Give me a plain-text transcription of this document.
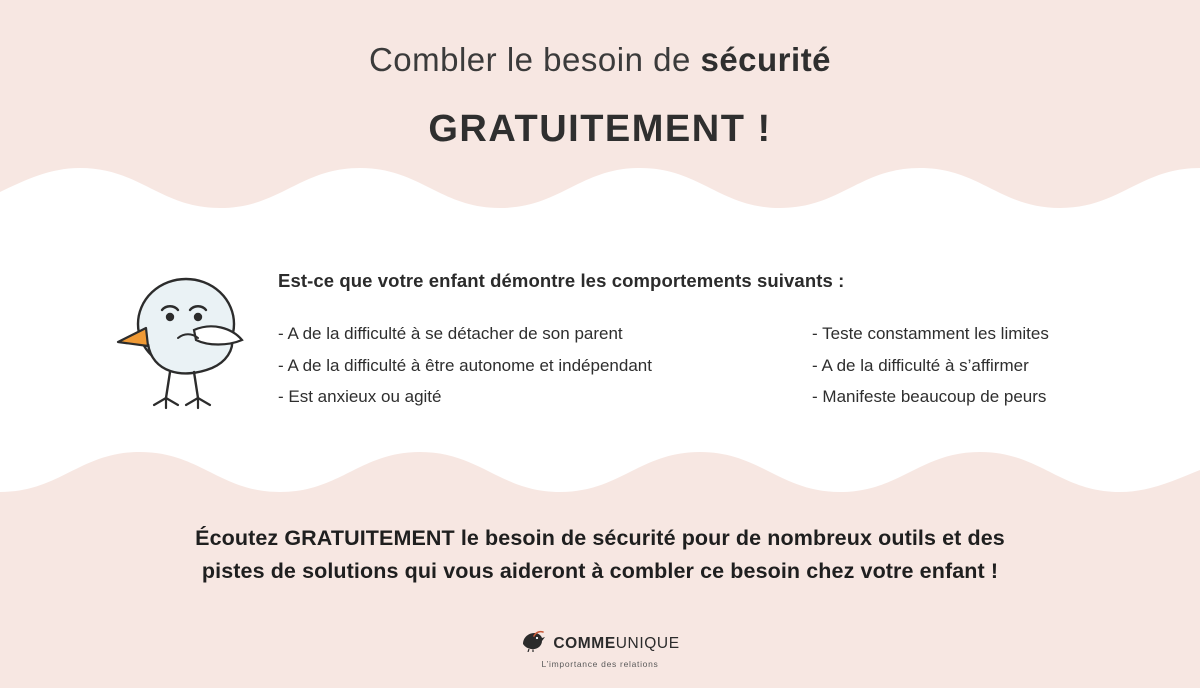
Combler le besoin de sécurité
GRATUITEMENT !
Est-ce que votre enfant démontre les comportements suivants :
- A de la difficulté à se détacher de son parent
- A de la difficulté à être autonome et indépendant
- Est anxieux ou agité
- Teste constamment les limites
- A de la difficulté à s’affirmer
- Manifeste beaucoup de peurs
Écoutez GRATUITEMENT le besoin de sécurité pour de nombreux outils et des
pistes de solutions qui vous aideront à combler ce besoin chez votre enfant !
COMMEUNIQUE
L’importance des relations
